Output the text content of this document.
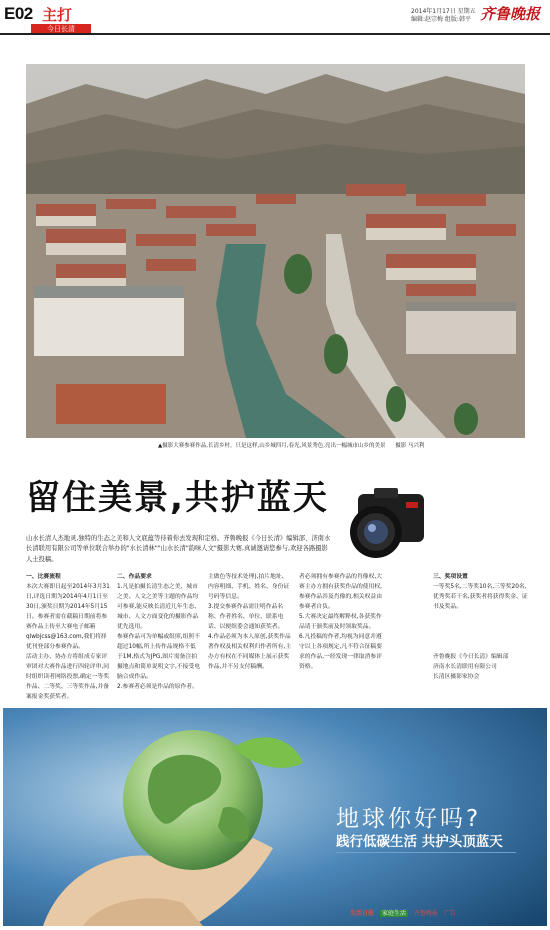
E02 主打
今日长清
2014年1月17日 星期五
编辑:赵宗梅 组版:韩平 齐鲁晚报
▲摄影大赛参赛作品,长清乡村。只是这样,山乡城四月,春光,风景秀色,亮出一幅城市山乡的美景 摄影 马兴利
留住美景,共护蓝天
山水长清人杰地灵,独特的生态之美和人文底蕴等待着你去发现和定格。齐鲁晚报《今日长清》编辑部、济南水长清联用有限公司等单位联合举办的"水长清林""山水长清"韵味人文"摄影大赛,真诚邀请您参与,欢迎各路摄影人士投稿。

一、比赛流程

本次大赛即日起至2014年3月31日,评选日期为2014年4月1日至30日,颁奖日期为2014年5月15日。参赛者需在截稿日期前将参赛作品上传至大赛电子邮箱qlwbjcss@163.com,我们将择优刊登部分参赛作品。

活动主办、协办方将组成专家评审团对大赛作品进行四轮评审,同时组织读者网络投票,确定一等奖作品、二等奖、三等奖作品,并备案报金奖获奖者。

二、作品要求

1.凡是拍摄长清生态之美、城市之美、人文之美等主题的作品均可参赛,能反映长清近几年生态、城市、人文方面变化的摄影作品优先选用。

参赛作品可为单幅或组照,组照不超过10幅,所上传作品规格不低于1M,格式为JPG,图片需备注拍摄地点和简单说明文字,不接受电脑合成作品。

2.参赛者必须是作品的原作者。

主做色等技术处理),拍片地址、内容明细、手机、姓名、身份证号码等信息。

3.提交参赛作品需注明作品名称、作者姓名、单位、联系电话、以便组委会通知获奖者。

4.作品必须为本人原创,获奖作品著作权及相关权利归作者所有,主办方有权在不同媒体上展示获奖作品,并不另支付稿酬。

者必须拥有参赛作品的肖像权,大赛主办方拥有获奖作品的使用权,参赛作品涉及肖像的,相关权益由参赛者自负。

5.大赛决定最终解释权,各获奖作品请于颁奖前及时领取奖品。

6.凡投稿的作者,均视为同意并遵守以上各项规定,凡不符合征稿要求的作品,一经发现一律取消参评资格。

三、奖项设置

一等奖5名,二等奖10名,三等奖20名,优秀奖若干名,获奖者将获得奖金、证书及奖品。

齐鲁晚报《今日长清》编辑部

济南水长清联用有限公司

长清区摄影家协会

地球你好吗?
践行低碳生活 共护头顶蓝天
生活日报 家庭生活 齐鲁晚报 广告
